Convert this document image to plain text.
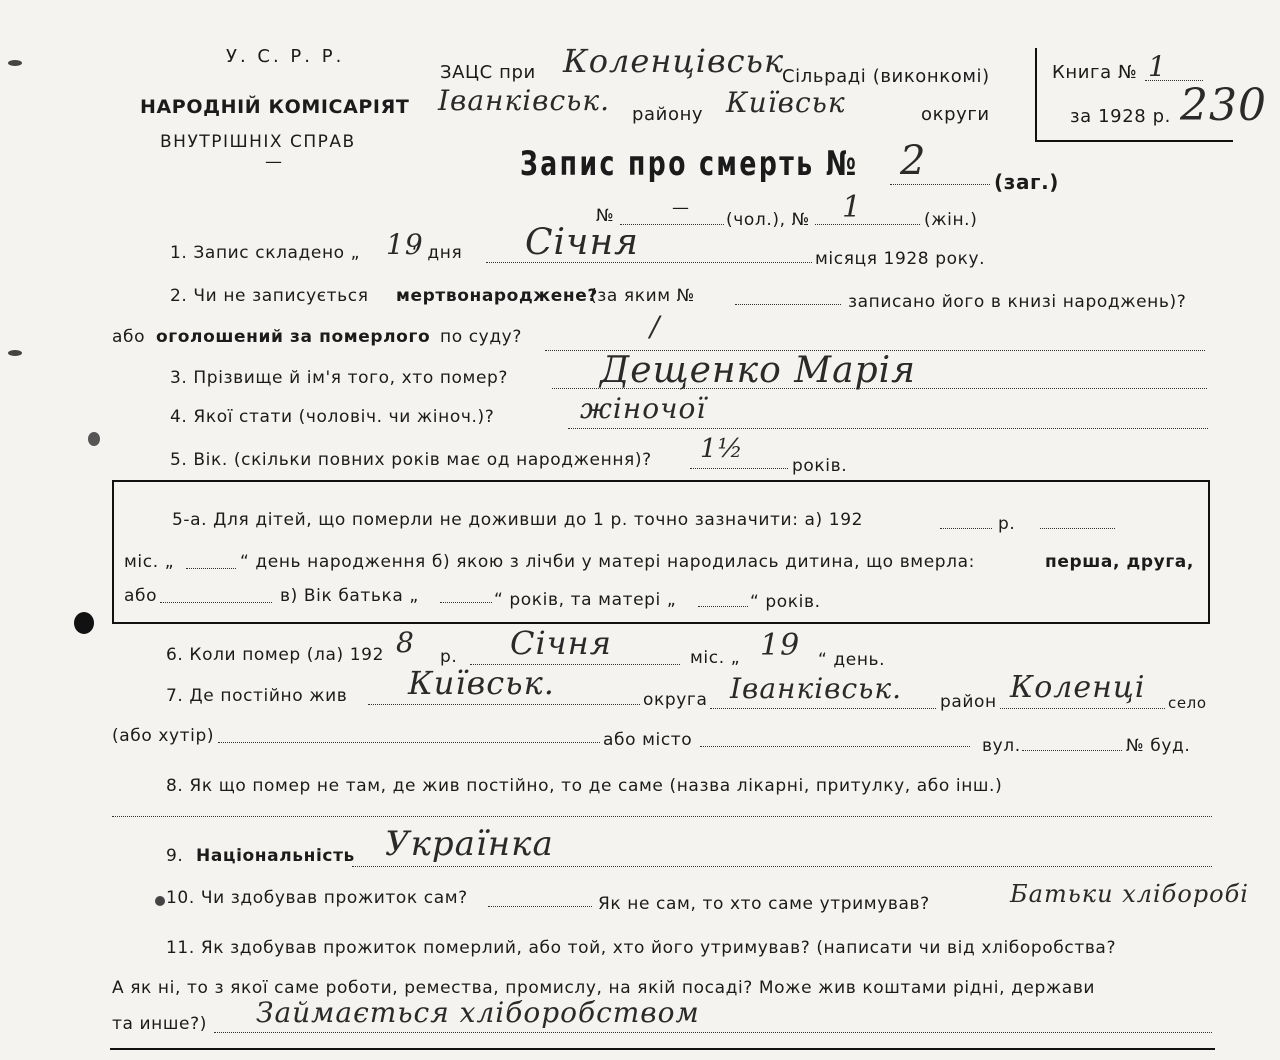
У. С. Р. Р.
НАРОДНІЙ КОМІСАРІЯТ
ВНУТРІШНІХ СПРАВ
—
ЗАЦС при Коленцівськ
Сільраді (виконкомі)
Іванківськ. району Київськ	округи
Книга № 1
за 1928 р. 230
Запис про смерть № 2	(заг.)
№	—
(чол.), № 1	(жін.)
1. Запис складено „ 19
“ дня Січня	місяця 1928 року.
2. Чи не записується мертвонароджене?
(за яким №	записано його в книзі народжень)?
або оголошений за померлого по суду?	/
3. Прізвище й ім'я того, хто помер?	Дещенко Марія
4. Якої стати (чоловіч. чи жіноч.)?	жіночої
5. Вік. (скільки повних років має од народження)? 1½
років.
5-а. Для дітей, що померли не доживши до 1 р. точно зазначити: а) 192	р.
міс. „	“ день народження б) якою з лічби у матері народилась дитина, що вмерла:	перша, друга,
або	в) Вік батька „	“ років, та матері „	“ років.
6. Коли помер (ла) 192 8 р. Січня	міс. „ 19 “ день.
7. Де постійно жив Київськ.	округа Іванківськ. район Коленці село
(або хутір)	або місто	вул.	№ буд.
8. Як що помер не там, де жив постійно, то де саме (назва лікарні, притулку, або інш.)
9. Національність Українка
10. Чи здобував прожиток сам?	Як не сам, то хто саме утримував?	Батьки хліборобі
11. Як здобував прожиток померлий, або той, хто його утримував? (написати чи від хліборобства?
А як ні, то з якої саме роботи, ремества, промислу, на якій посаді? Може жив коштами рідні, держави
та инше?) Займається хліборобством
